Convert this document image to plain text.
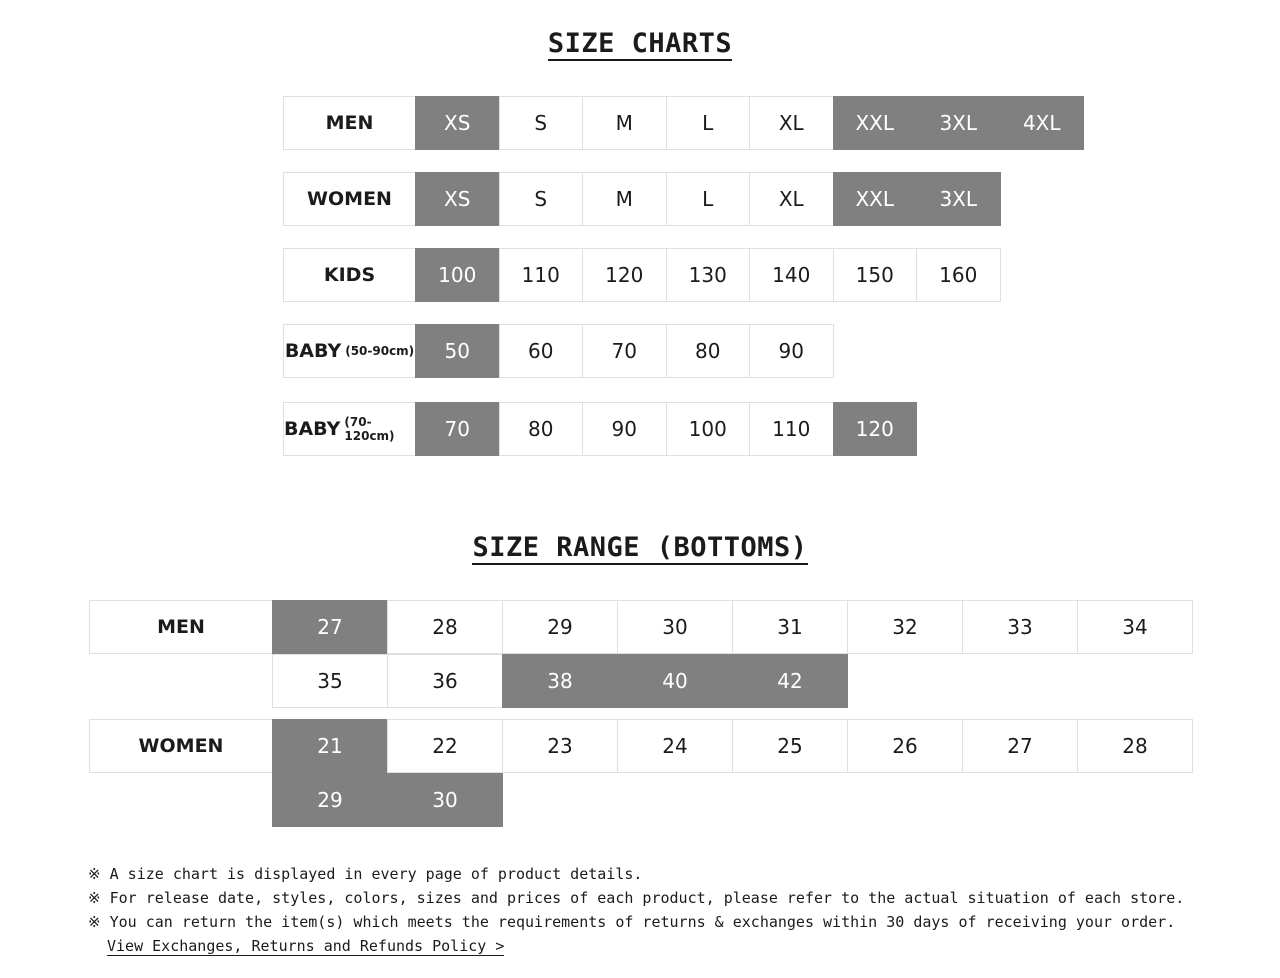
SIZE CHARTS
MEN	XS	S	M	L	XL	XXL	3XL	4XL
WOMEN	XS	S	M	L	XL	XXL	3XL
KIDS	100	110	120	130	140	150	160
BABY (50-90cm)	50	60	70	80	90
BABY (70-120cm)	70	80	90	100	110	120
SIZE RANGE (BOTTOMS)
MEN	27	28	29	30	31	32	33	34
35	36	38	40	42
WOMEN	21	22	23	24	25	26	27	28
29	30
※ A size chart is displayed in every page of product details.
※ For release date, styles, colors, sizes and prices of each product, please refer to the actual situation of each store.
※ You can return the item(s) which meets the requirements of returns & exchanges within 30 days of receiving your order.
View Exchanges, Returns and Refunds Policy >
